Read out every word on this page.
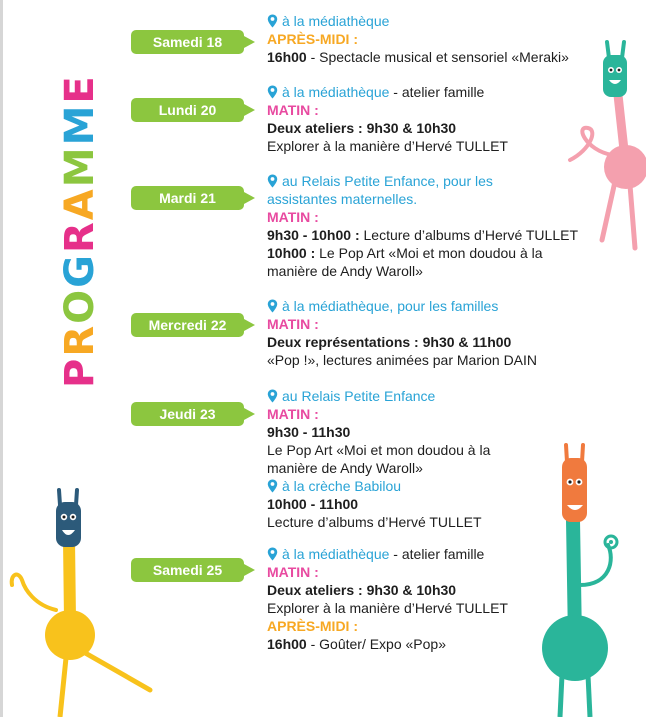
PROGRAMME
Samedi 18
à la médiathèque
APRÈS-MIDI :
16h00 - Spectacle musical et sensoriel «Meraki»
Lundi 20
à la médiathèque - atelier famille
MATIN :
Deux ateliers : 9h30 & 10h30
Explorer à la manière d’Hervé TULLET
Mardi 21
au Relais Petite Enfance, pour les
assistantes maternelles.
MATIN :
9h30 - 10h00 : Lecture d’albums d’Hervé TULLET
10h00 : Le Pop Art «Moi et mon doudou à la
manière de Andy Waroll»
Mercredi 22
à la médiathèque, pour les familles
MATIN :
Deux représentations : 9h30 & 11h00
«Pop !», lectures animées par Marion DAIN
Jeudi 23
au Relais Petite Enfance
MATIN :
9h30 - 11h30
Le Pop Art «Moi et mon doudou à la
manière de Andy Waroll»
à la crèche Babilou
10h00 - 11h00
Lecture d’albums d’Hervé TULLET
Samedi 25
à la médiathèque - atelier famille
MATIN :
Deux ateliers : 9h30 & 10h30
Explorer à la manière d’Hervé TULLET
APRÈS-MIDI :
16h00 - Goûter/ Expo «Pop»
